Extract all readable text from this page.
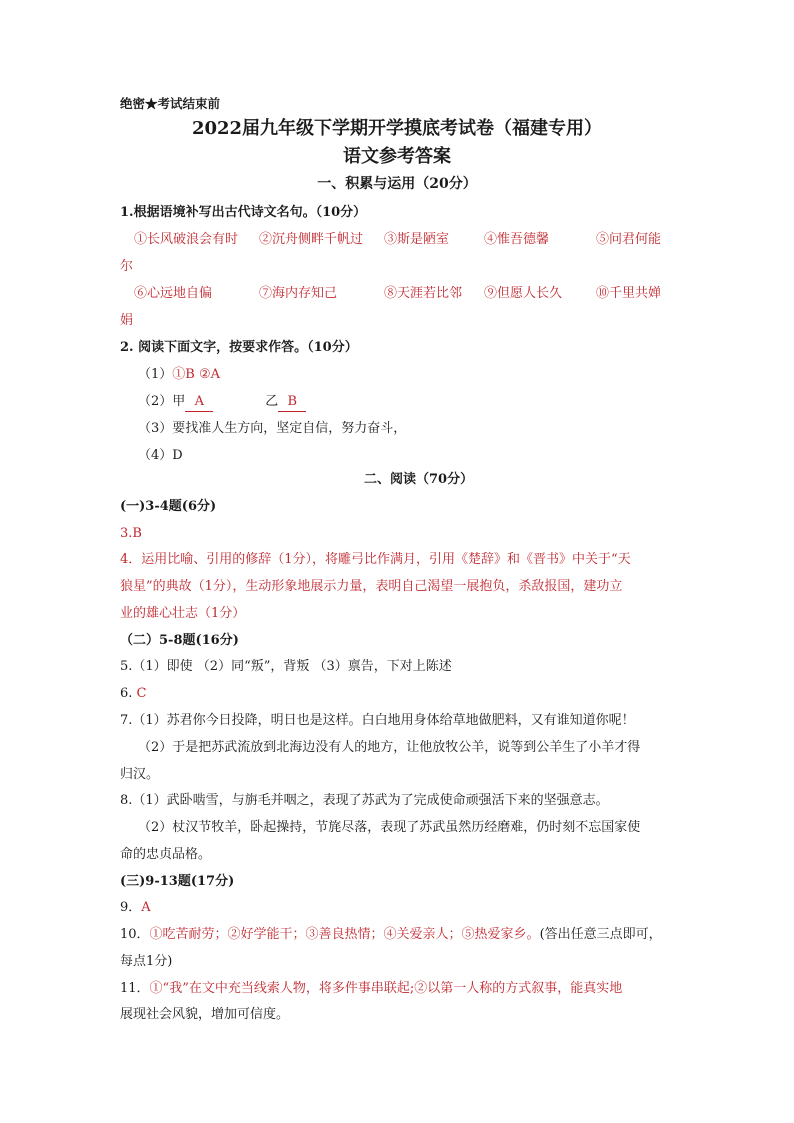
绝密★考试结束前
2022届九年级下学期开学摸底考试卷（福建专用）
语文参考答案
一、积累与运用（20分）
1.根据语境补写出古代诗文名句。（10分）
①长风破浪会有时 ②沉舟侧畔千帆过 ③斯是陋室	④惟吾德馨	⑤问君何能
尔
⑥心远地自偏	⑦海内存知己	⑧天涯若比邻 ⑨但愿人长久	⑩千里共婵
娟
2. 阅读下面文字，按要求作答。（10分）
（1）①B ②A
（2）甲 A	乙 B
（3）要找准人生方向，坚定自信，努力奋斗，
（4）D
二、阅读（70分）
(一)3-4题(6分)
3.B
4．运用比喻、引用的修辞（1分），将雕弓比作满月，引用《楚辞》和《晋书》中关于“天
狼星”的典故（1分），生动形象地展示力量，表明自己渴望一展抱负，杀敌报国，建功立
业的雄心壮志（1分）
（二）5-8题(16分)
5.（1）即使 （2）同“叛”，背叛 （3）禀告，下对上陈述
6. C
7.（1）苏君你今日投降，明日也是这样。白白地用身体给草地做肥料，又有谁知道你呢！
（2）于是把苏武流放到北海边没有人的地方，让他放牧公羊，说等到公羊生了小羊才得
归汉。
8.（1）武卧啮雪，与旃毛并咽之，表现了苏武为了完成使命顽强活下来的坚强意志。
（2）杖汉节牧羊，卧起操持，节旄尽落，表现了苏武虽然历经磨难，仍时刻不忘国家使
命的忠贞品格。
(三)9-13题(17分)
9．A
10．①吃苦耐劳；②好学能干；③善良热情；④关爱亲人；⑤热爱家乡。(答出任意三点即可，
每点1分)
11．①“我”在文中充当线索人物，将多件事串联起;②以第一人称的方式叙事，能真实地
展现社会风貌，增加可信度。
